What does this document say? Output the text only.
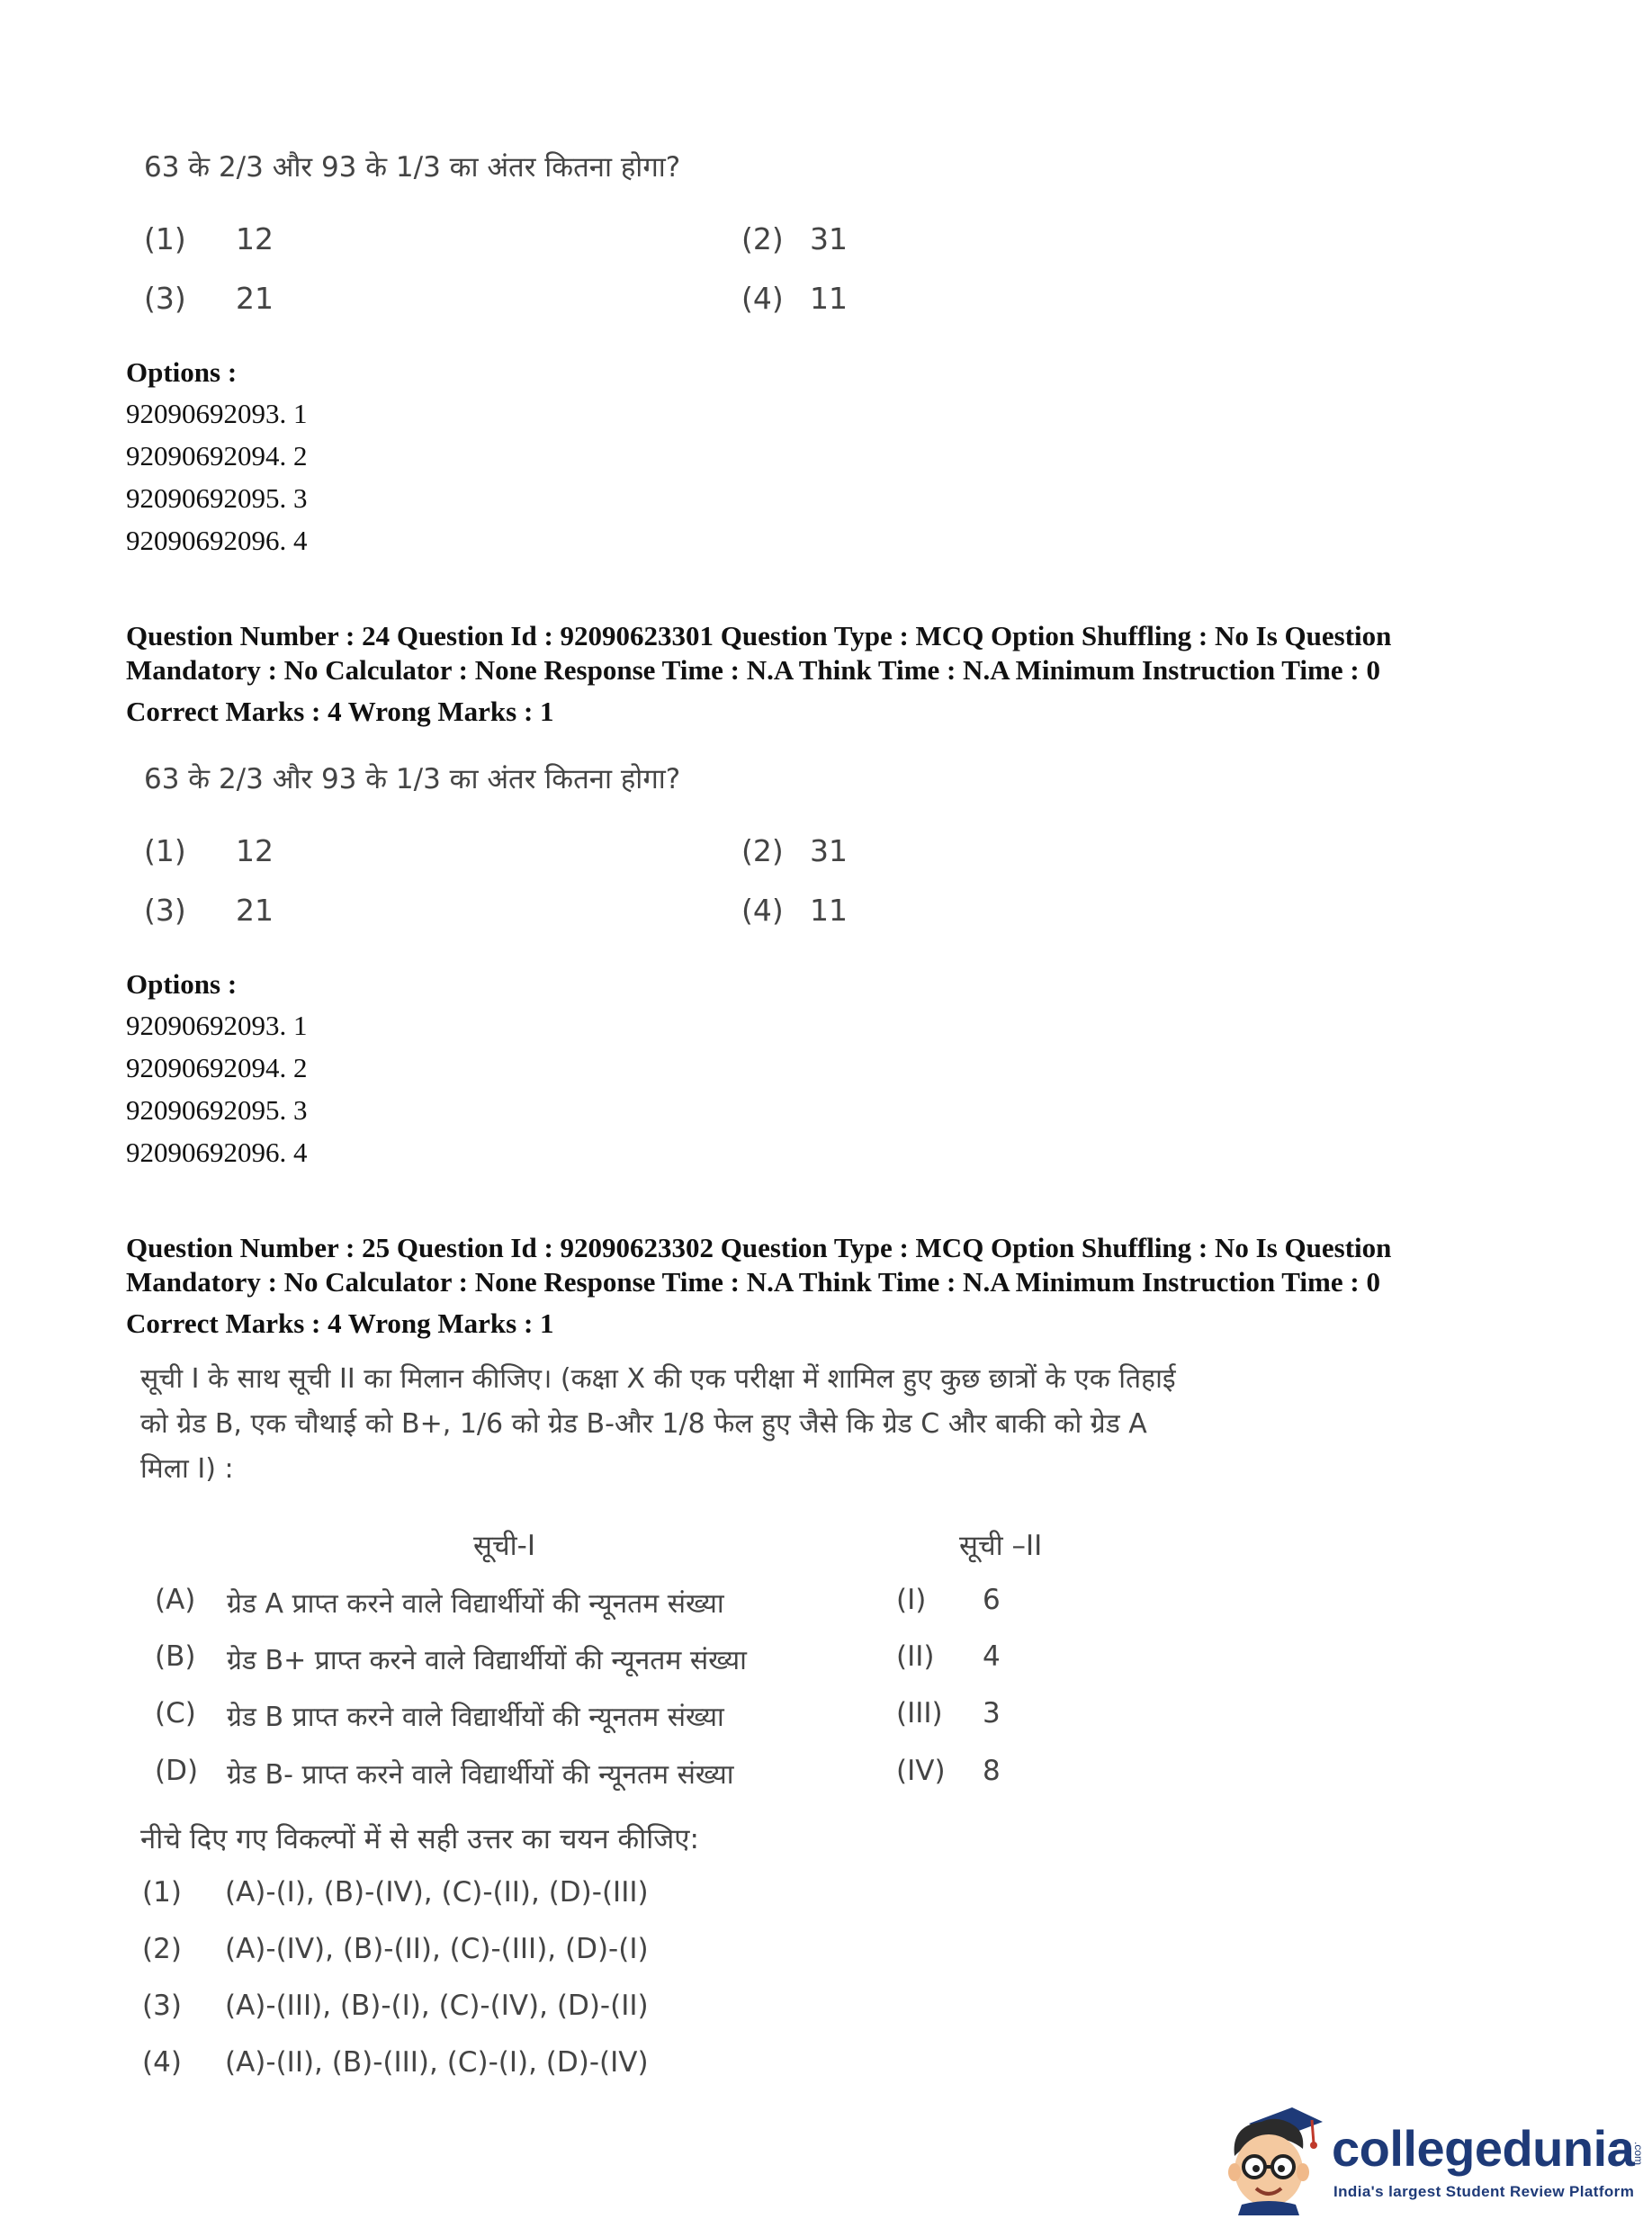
63 के 2/3 और 93 के 1/3 का अंतर कितना होगा?
(1) 12	(2) 31
(3) 21	(4) 11
Options :
92090692093. 1
92090692094. 2
92090692095. 3
92090692096. 4
Question Number : 24 Question Id : 92090623301 Question Type : MCQ Option Shuffling : No Is Question
Mandatory : No Calculator : None Response Time : N.A Think Time : N.A Minimum Instruction Time : 0
Correct Marks : 4 Wrong Marks : 1
63 के 2/3 और 93 के 1/3 का अंतर कितना होगा?
(1) 12	(2) 31
(3) 21	(4) 11
Options :
92090692093. 1
92090692094. 2
92090692095. 3
92090692096. 4
Question Number : 25 Question Id : 92090623302 Question Type : MCQ Option Shuffling : No Is Question
Mandatory : No Calculator : None Response Time : N.A Think Time : N.A Minimum Instruction Time : 0
Correct Marks : 4 Wrong Marks : 1
सूची I के साथ सूची II का मिलान कीजिए। (कक्षा X की एक परीक्षा में शामिल हुए कुछ छात्रों के एक तिहाई
को ग्रेड B, एक चौथाई को B+, 1/6 को ग्रेड B-और 1/8 फेल हुए जैसे कि ग्रेड C और बाकी को ग्रेड A
मिला I) :
सूची-I	सूची –II
(A) ग्रेड A प्राप्त करने वाले विद्यार्थीयों की न्यूनतम संख्या	(I) 6
(B) ग्रेड B+ प्राप्त करने वाले विद्यार्थीयों की न्यूनतम संख्या	(II) 4
(C) ग्रेड B प्राप्त करने वाले विद्यार्थीयों की न्यूनतम संख्या	(III) 3
(D) ग्रेड B- प्राप्त करने वाले विद्यार्थीयों की न्यूनतम संख्या	(IV) 8
नीचे दिए गए विकल्पों में से सही उत्तर का चयन कीजिए:
(1) (A)-(I), (B)-(IV), (C)-(II), (D)-(III)
(2) (A)-(IV), (B)-(II), (C)-(III), (D)-(I)
(3) (A)-(III), (B)-(I), (C)-(IV), (D)-(II)
(4) (A)-(II), (B)-(III), (C)-(I), (D)-(IV)
collegedunia
.com
India's largest Student Review Platform
